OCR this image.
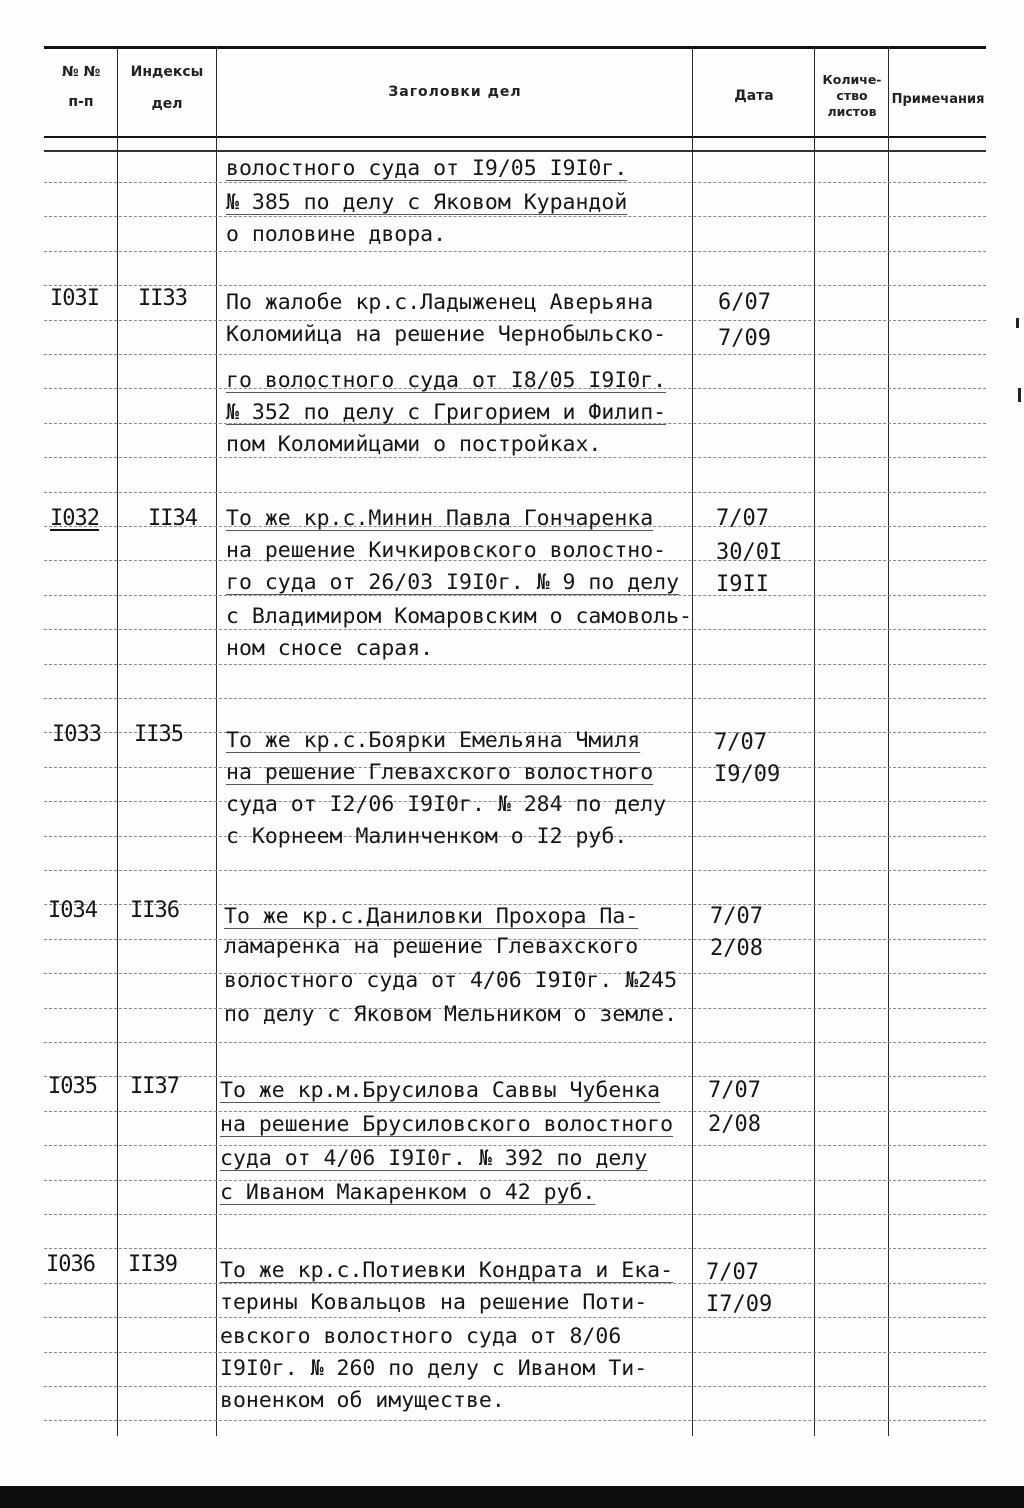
№ №
п-п
Индексы
дел
Заголовки дел	Дата
Количе-
ство
листов
Примечания
волостного суда от I9/05 I9I0г.
№ 385 по делу с Яковом Курандой
о половине двора.
I03I II33 По жалобе кр.с.Ладыженец Аверьяна
Коломийца на решение Чернобыльско-
го волостного суда от I8/05 I9I0г.
№ 352 по делу с Григорием и Филип-
пом Коломийцами о постройках.
6/07
7/09
I032 II34 То же кр.с.Минин Павла Гончаренка
на решение Кичкировского волостно-
го суда от 26/03 I9I0г. № 9 по делу
с Владимиром Комаровским о самоволь-
ном сносе сарая.
7/07
30/0I
I9II
I033 II35 То же кр.с.Боярки Емельяна Чмиля
на решение Глевахского волостного
суда от I2/06 I9I0г. № 284 по делу
с Корнеем Малинченком о I2 руб.
7/07
I9/09
I034 II36 То же кр.с.Даниловки Прохора Па-
ламаренка на решение Глевахского
волостного суда от 4/06 I9I0г. №245
по делу с Яковом Мельником о земле.
7/07
2/08
I035 II37 То же кр.м.Брусилова Саввы Чубенка
на решение Брусиловского волостного
суда от 4/06 I9I0г. № 392 по делу
с Иваном Макаренком о 42 руб.
7/07
2/08
I036 II39 То же кр.с.Потиевки Кондрата и Ека-
терины Ковальцов на решение Поти-
евского волостного суда от 8/06
I9I0г. № 260 по делу с Иваном Ти-
воненком об имуществе.
7/07
I7/09
